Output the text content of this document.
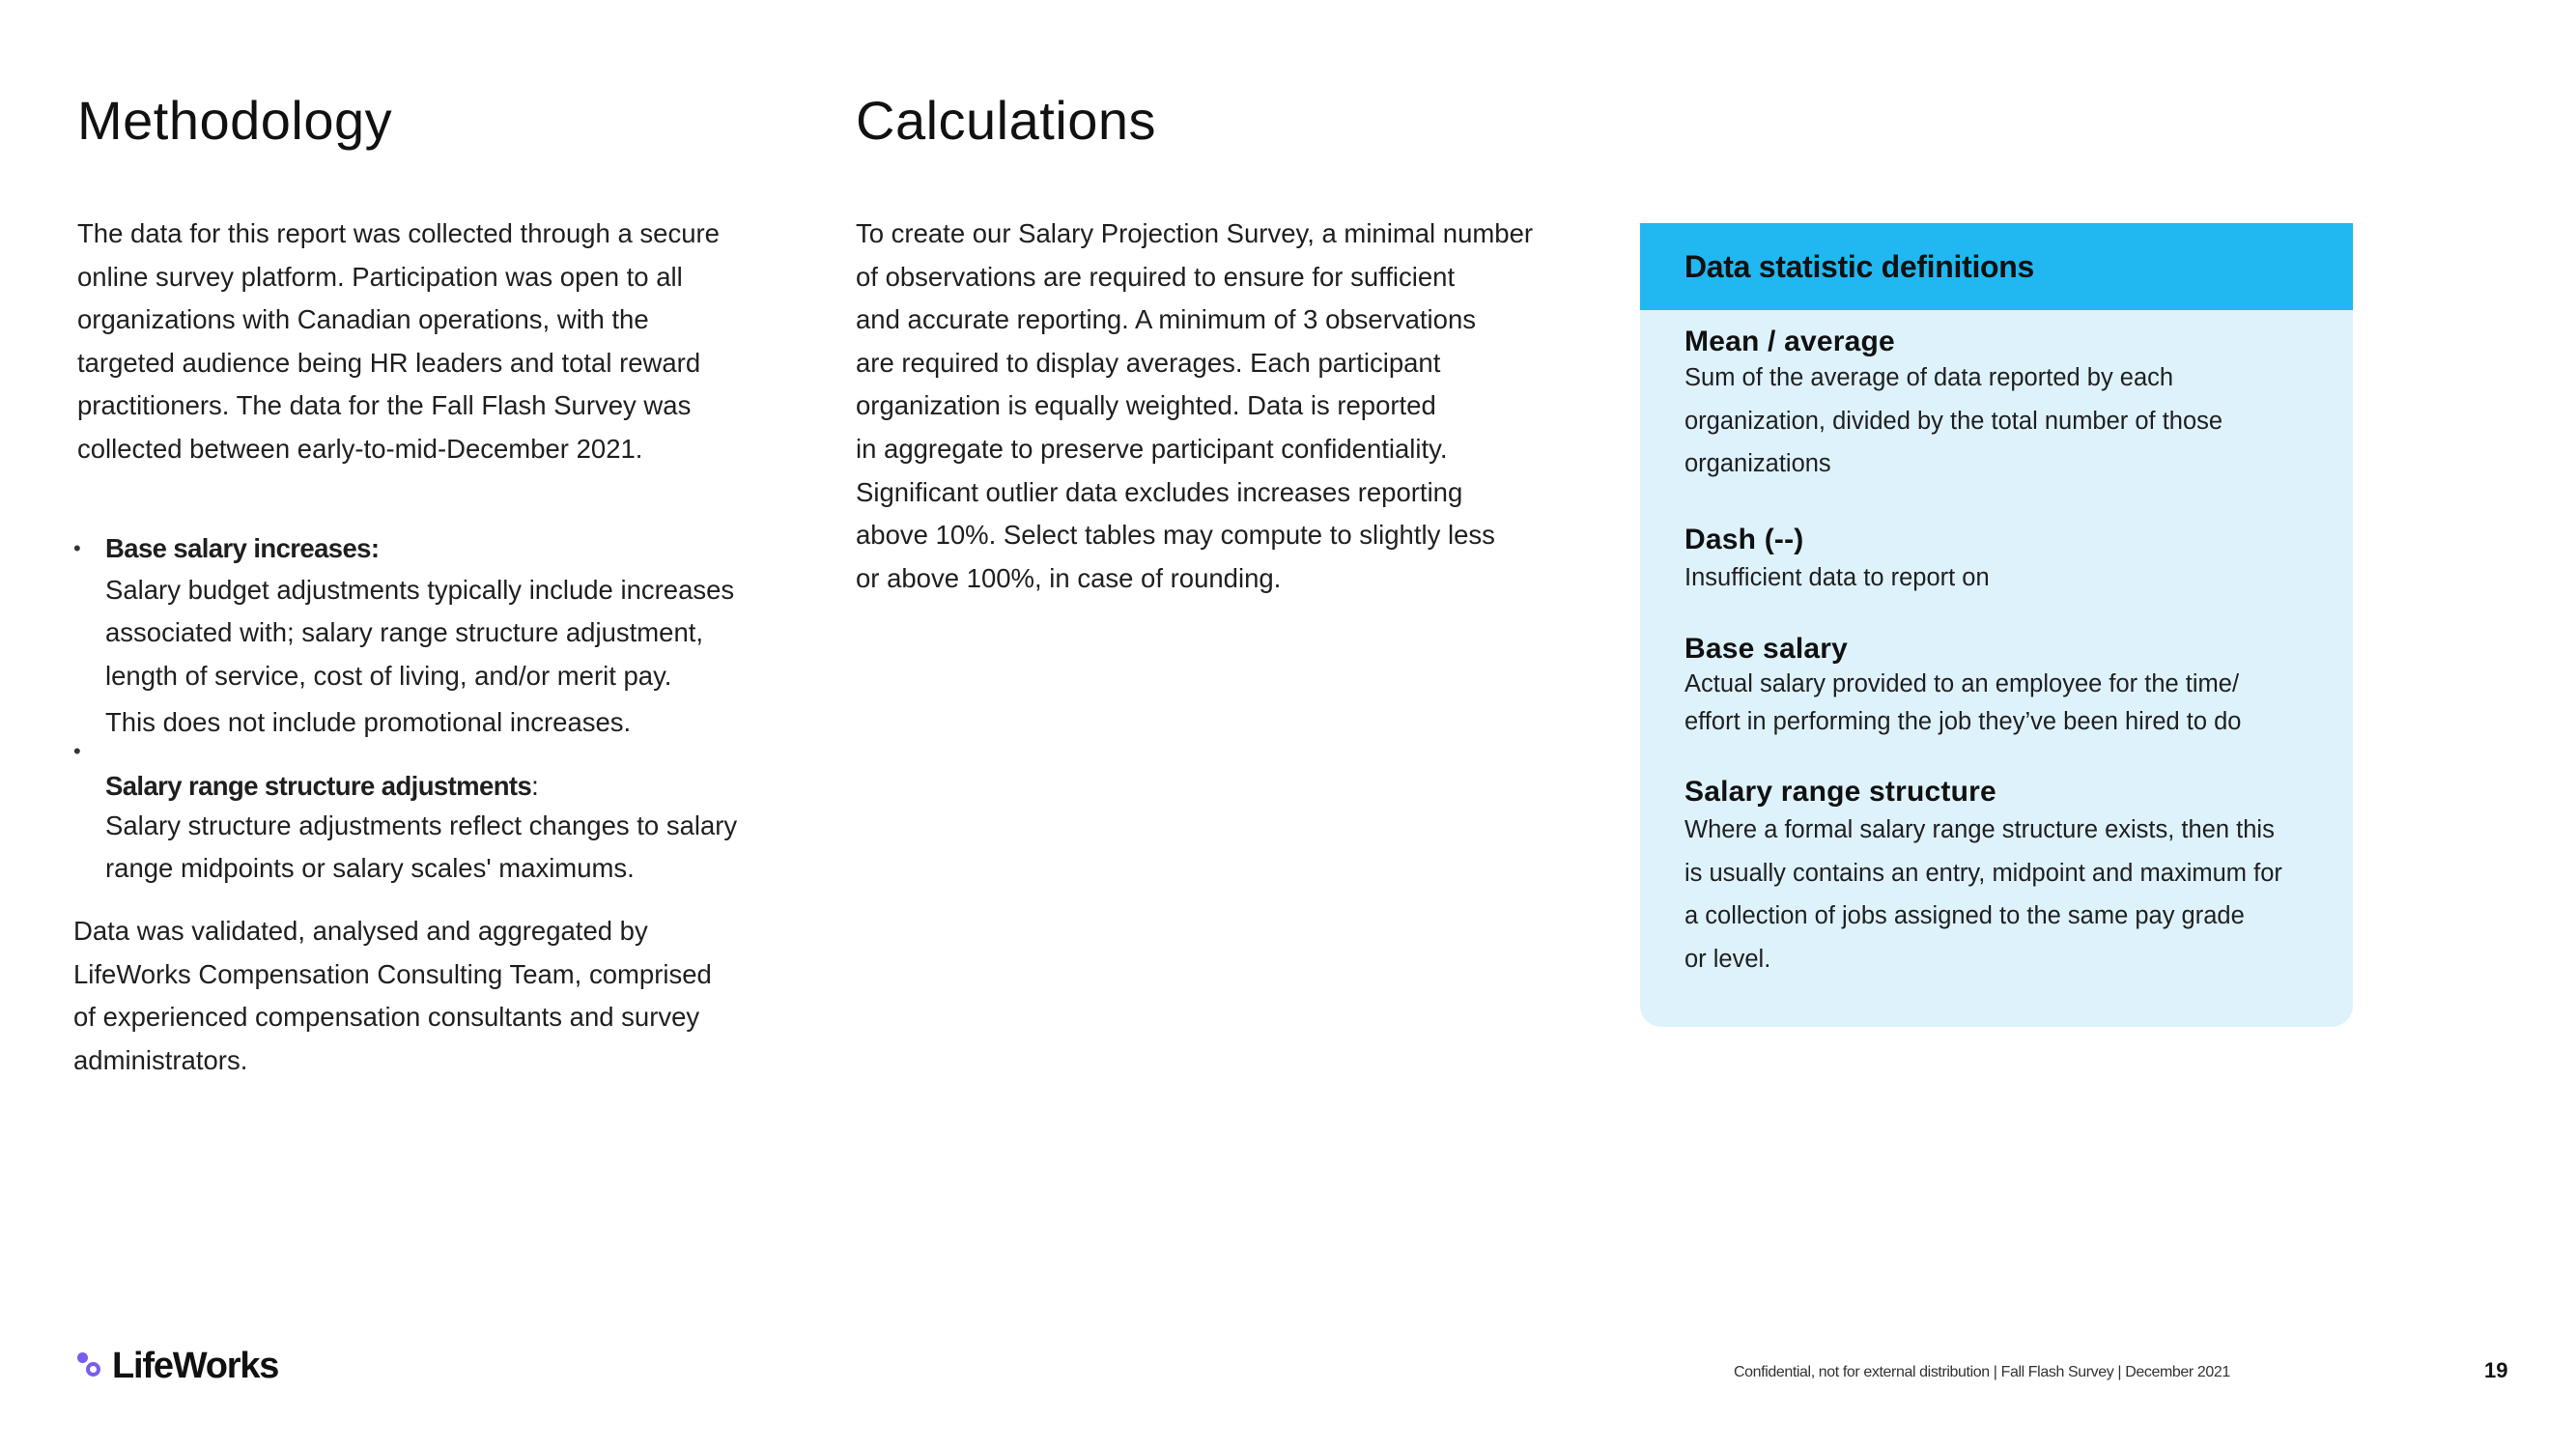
Methodology
The data for this report was collected through a secure
online survey platform. Participation was open to all
organizations with Canadian operations, with the
targeted audience being HR leaders and total reward
practitioners. The data for the Fall Flash Survey was
collected between early-to-mid-December 2021.
• Base salary increases:
Salary budget adjustments typically include increases
associated with; salary range structure adjustment,
length of service, cost of living, and/or merit pay.
This does not include promotional increases.
•
Salary range structure adjustments:
Salary structure adjustments reflect changes to salary
range midpoints or salary scales' maximums.
Data was validated, analysed and aggregated by
LifeWorks Compensation Consulting Team, comprised
of experienced compensation consultants and survey
administrators.
Calculations
To create our Salary Projection Survey, a minimal number
of observations are required to ensure for sufficient
and accurate reporting. A minimum of 3 observations
are required to display averages. Each participant
organization is equally weighted. Data is reported
in aggregate to preserve participant confidentiality.
Significant outlier data excludes increases reporting
above 10%. Select tables may compute to slightly less
or above 100%, in case of rounding.
Data statistic definitions
Mean / average
Sum of the average of data reported by each
organization, divided by the total number of those
organizations
Dash (--)
Insufficient data to report on
Base salary
Actual salary provided to an employee for the time/
effort in performing the job they’ve been hired to do
Salary range structure
Where a formal salary range structure exists, then this
is usually contains an entry, midpoint and maximum for
a collection of jobs assigned to the same pay grade
or level.
LifeWorks	Confidential, not for external distribution | Fall Flash Survey | December 2021	19
